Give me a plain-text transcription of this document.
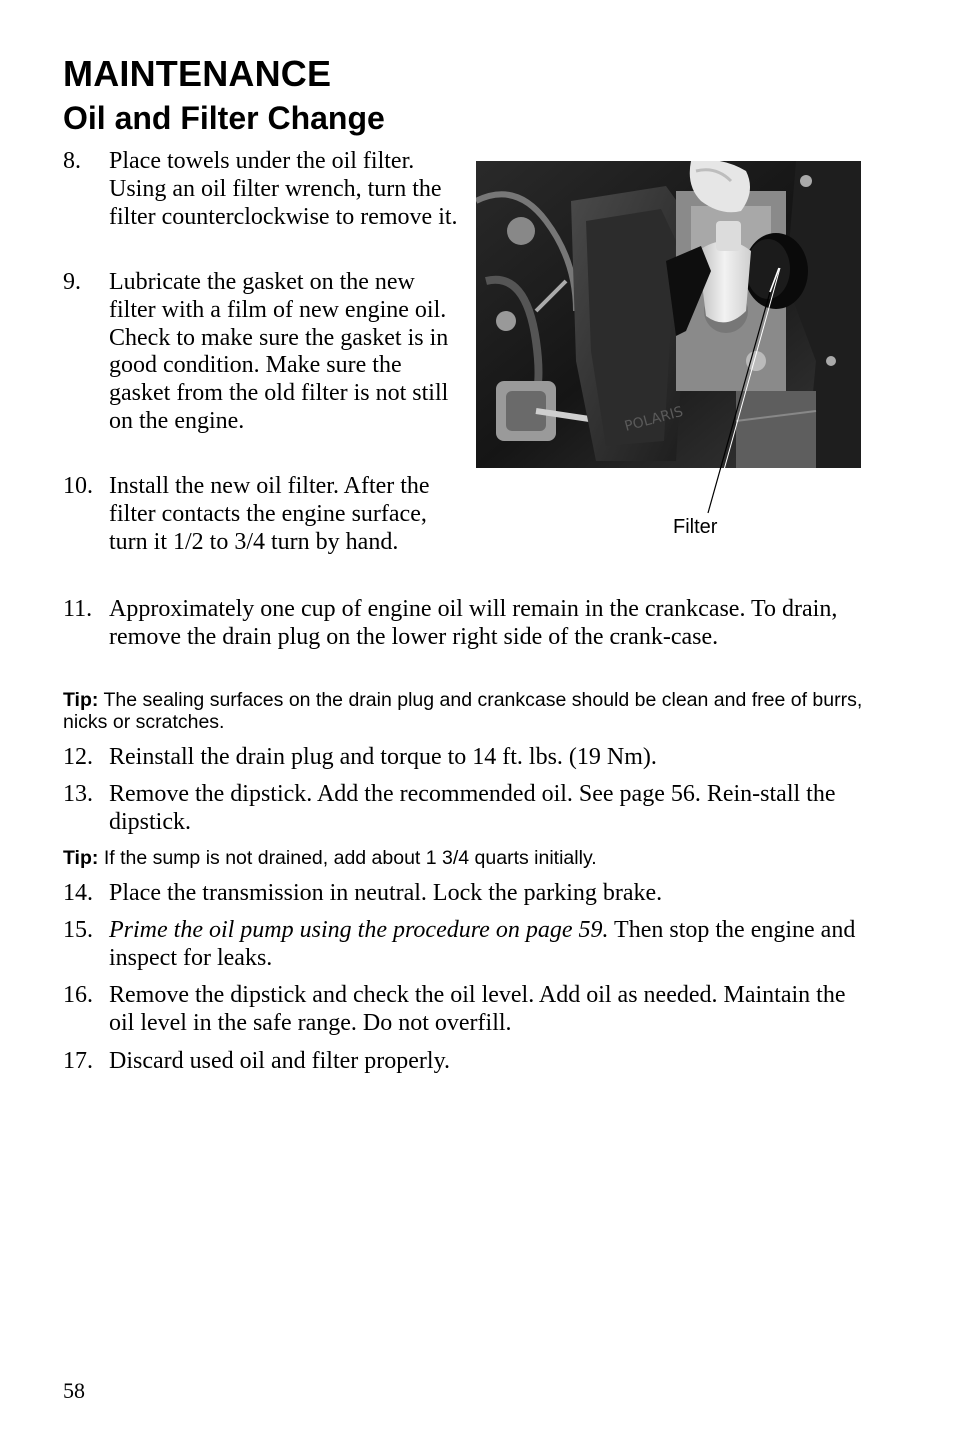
MAINTENANCE
Oil and Filter Change
8.	Place towels under the oil filter. Using an oil filter wrench, turn the filter counterclockwise to remove it.
9.	Lubricate the gasket on the new filter with a film of new engine oil. Check to make sure the gasket is in good condition. Make sure the gasket from the old filter is not still on the engine.
10. Install the new oil filter. After the filter contacts the engine surface, turn it 1/2 to 3/4 turn by hand.
11. Approximately one cup of engine oil will remain in the crankcase. To drain, remove the drain plug on the lower right side of the crank-case.
Tip: The sealing surfaces on the drain plug and crankcase should be clean and free of burrs, nicks or scratches.
12. Reinstall the drain plug and torque to 14 ft. lbs. (19 Nm).
13. Remove the dipstick. Add the recommended oil. See page 56. Rein-stall the dipstick.
Tip: If the sump is not drained, add about 1 3/4 quarts initially.
14. Place the transmission in neutral. Lock the parking brake.
15. Prime the oil pump using the procedure on page 59. Then stop the engine and inspect for leaks.
16. Remove the dipstick and check the oil level. Add oil as needed. Maintain the oil level in the safe range. Do not overfill.
17. Discard used oil and filter properly.
POLARIS
Filter
58
